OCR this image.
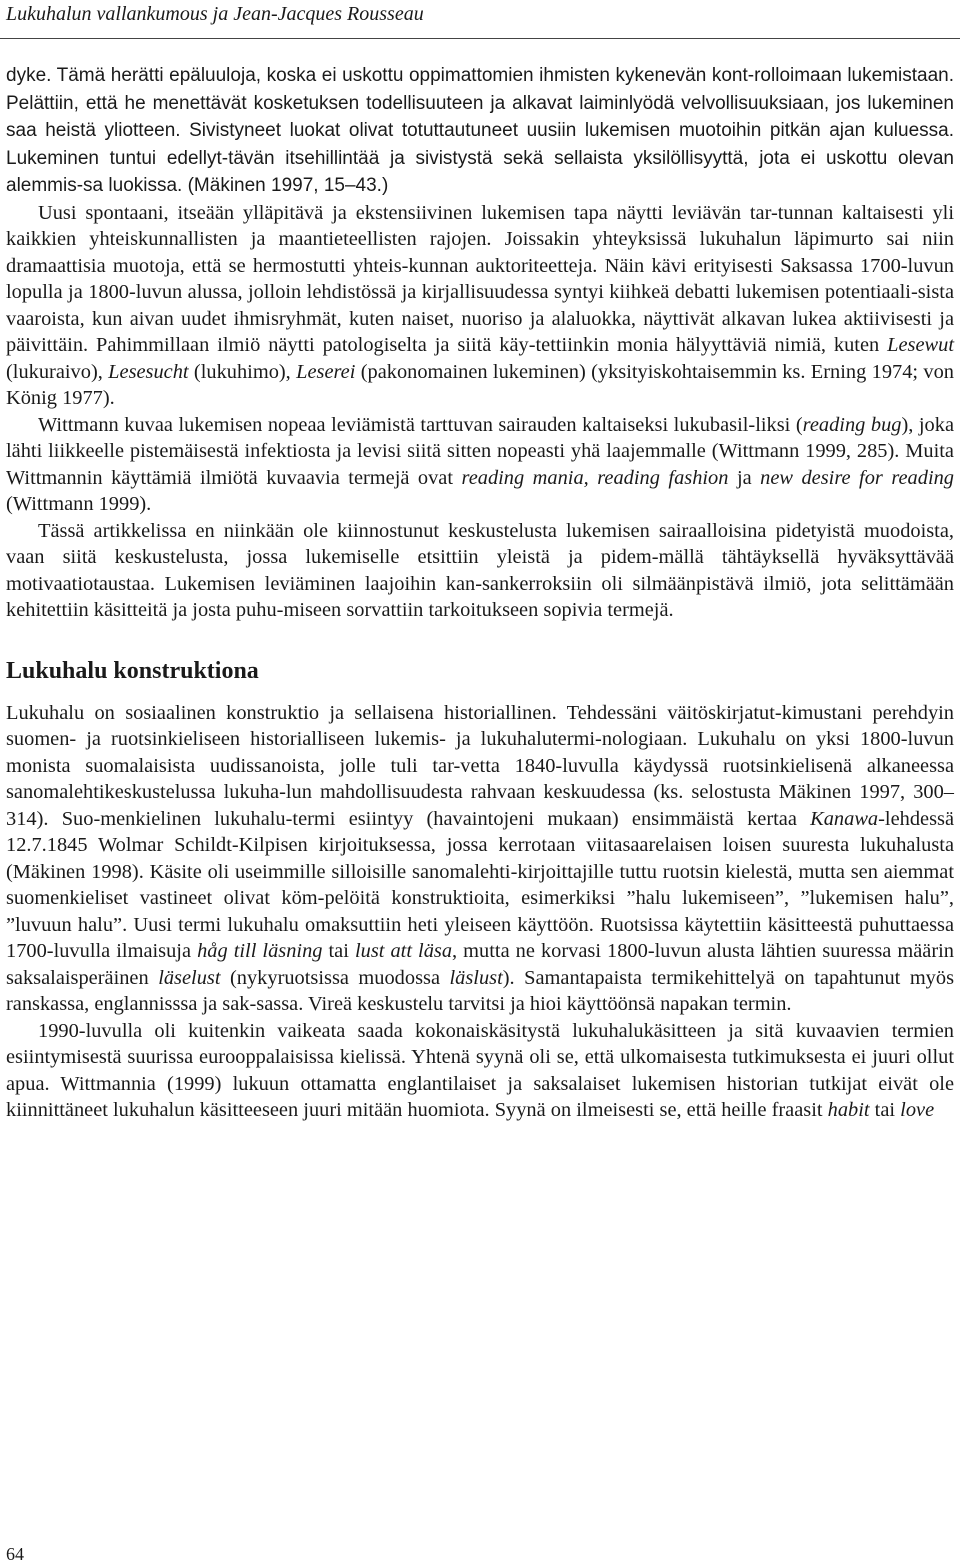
Lukuhalun vallankumous ja Jean-Jacques Rousseau

dyke. Tämä herätti epäluuloja, koska ei uskottu oppimattomien ihmisten kykenevän kont-rolloimaan lukemistaan. Pelättiin, että he menettävät kosketuksen todellisuuteen ja alkavat laiminlyödä velvollisuuksiaan, jos lukeminen saa heistä yliotteen. Sivistyneet luokat olivat totuttautuneet uusiin lukemisen muotoihin pitkän ajan kuluessa. Lukeminen tuntui edellyt-tävän itsehillintää ja sivistystä sekä sellaista yksilöllisyyttä, jota ei uskottu olevan alemmis-sa luokissa. (Mäkinen 1997, 15–43.)

Uusi spontaani, itseään ylläpitävä ja ekstensiivinen lukemisen tapa näytti leviävän tar-tunnan kaltaisesti yli kaikkien yhteiskunnallisten ja maantieteellisten rajojen. Joissakin yhteyksissä lukuhalun läpimurto sai niin dramaattisia muotoja, että se hermostutti yhteis-kunnan auktoriteetteja. Näin kävi erityisesti Saksassa 1700-luvun lopulla ja 1800-luvun alussa, jolloin lehdistössä ja kirjallisuudessa syntyi kiihkeä debatti lukemisen potentiaali-sista vaaroista, kun aivan uudet ihmisryhmät, kuten naiset, nuoriso ja alaluokka, näyttivät alkavan lukea aktiivisesti ja päivittäin. Pahimmillaan ilmiö näytti patologiselta ja siitä käy-tettiinkin monia hälyyttäviä nimiä, kuten Lesewut (lukuraivo), Lesesucht (lukuhimo), Leserei (pakonomainen lukeminen) (yksityiskohtaisemmin ks. Erning 1974; von König 1977).

Wittmann kuvaa lukemisen nopeaa leviämistä tarttuvan sairauden kaltaiseksi lukubasil-liksi (reading bug), joka lähti liikkeelle pistemäisestä infektiosta ja levisi siitä sitten nopeasti yhä laajemmalle (Wittmann 1999, 285). Muita Wittmannin käyttämiä ilmiötä kuvaavia termejä ovat reading mania, reading fashion ja new desire for reading (Wittmann 1999).

Tässä artikkelissa en niinkään ole kiinnostunut keskustelusta lukemisen sairaalloisina pidetyistä muodoista, vaan siitä keskustelusta, jossa lukemiselle etsittiin yleistä ja pidem-mällä tähtäyksellä hyväksyttävää motivaatiotaustaa. Lukemisen leviäminen laajoihin kan-sankerroksiin oli silmäänpistävä ilmiö, jota selittämään kehitettiin käsitteitä ja josta puhu-miseen sorvattiin tarkoitukseen sopivia termejä.

Lukuhalu konstruktiona

Lukuhalu on sosiaalinen konstruktio ja sellaisena historiallinen. Tehdessäni väitöskirjatut-kimustani perehdyin suomen- ja ruotsinkieliseen historialliseen lukemis- ja lukuhalutermi-nologiaan. Lukuhalu on yksi 1800-luvun monista suomalaisista uudissanoista, jolle tuli tar-vetta 1840-luvulla käydyssä ruotsinkielisenä alkaneessa sanomalehtikeskustelussa lukuha-lun mahdollisuudesta rahvaan keskuudessa (ks. selostusta Mäkinen 1997, 300–314). Suo-menkielinen lukuhalu-termi esiintyy (havaintojeni mukaan) ensimmäistä kertaa Kanawa-lehdessä 12.7.1845 Wolmar Schildt-Kilpisen kirjoituksessa, jossa kerrotaan viitasaarelaisen loisen suuresta lukuhalusta (Mäkinen 1998). Käsite oli useimmille silloisille sanomalehti-kirjoittajille tuttu ruotsin kielestä, mutta sen aiemmat suomenkieliset vastineet olivat köm-pelöitä konstruktioita, esimerkiksi ”halu lukemiseen”, ”lukemisen halu”, ”luvuun halu”. Uusi termi lukuhalu omaksuttiin heti yleiseen käyttöön. Ruotsissa käytettiin käsitteestä puhuttaessa 1700-luvulla ilmaisuja håg till läsning tai lust att läsa, mutta ne korvasi 1800-luvun alusta lähtien suuressa määrin saksalaisperäinen läselust (nykyruotsissa muodossa läslust). Samantapaista termikehittelyä on tapahtunut myös ranskassa, englannisssa ja sak-sassa. Vireä keskustelu tarvitsi ja hioi käyttöönsä napakan termin.

1990-luvulla oli kuitenkin vaikeata saada kokonaiskäsitystä lukuhalukäsitteen ja sitä kuvaavien termien esiintymisestä suurissa eurooppalaisissa kielissä. Yhtenä syynä oli se, että ulkomaisesta tutkimuksesta ei juuri ollut apua. Wittmannia (1999) lukuun ottamatta englantilaiset ja saksalaiset lukemisen historian tutkijat eivät ole kiinnittäneet lukuhalun käsitteeseen juuri mitään huomiota. Syynä on ilmeisesti se, että heille fraasit habit tai love

64
